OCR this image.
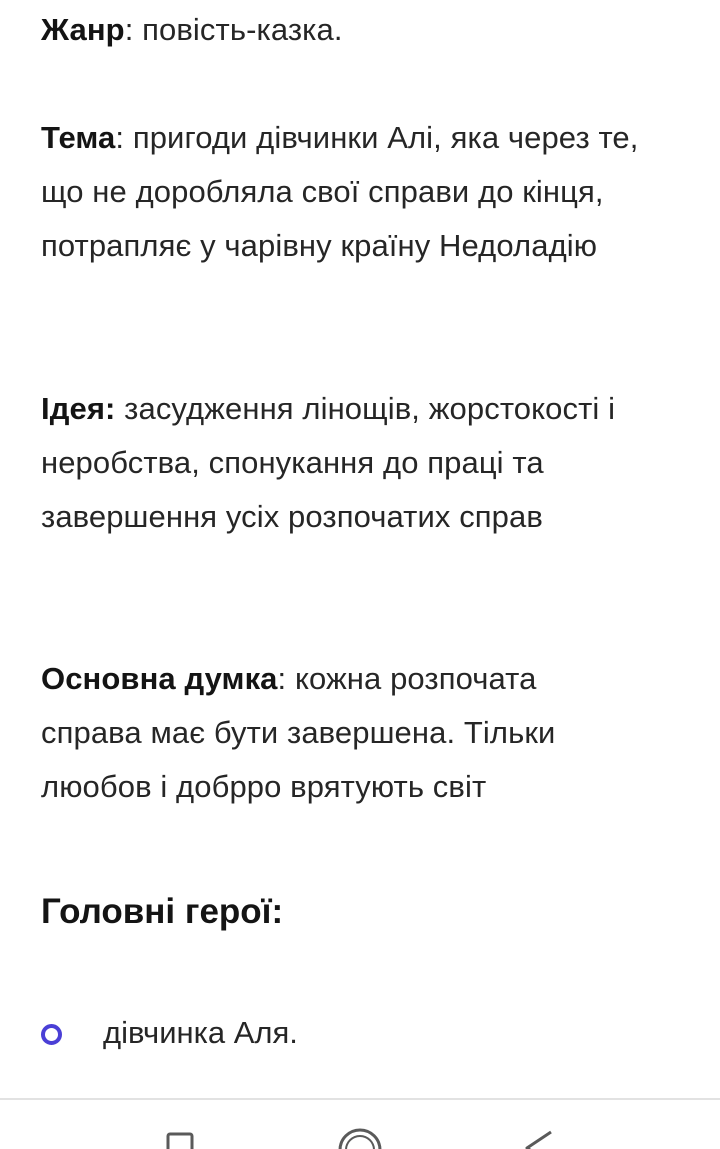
Жанр: повість-казка.
Тема: пригоди дівчинки Алі, яка через те, що не доробляла свої справи до кінця, потрапляє у чарівну країну Недоладію
Ідея: засудження лінощів, жорстокості і неробства, спонукання до праці та завершення усіх розпочатих справ
Основна думка: кожна розпочата справа має бути завершена. Тільки люобов і добрро врятують світ
Головні герої:
дівчинка Аля.
